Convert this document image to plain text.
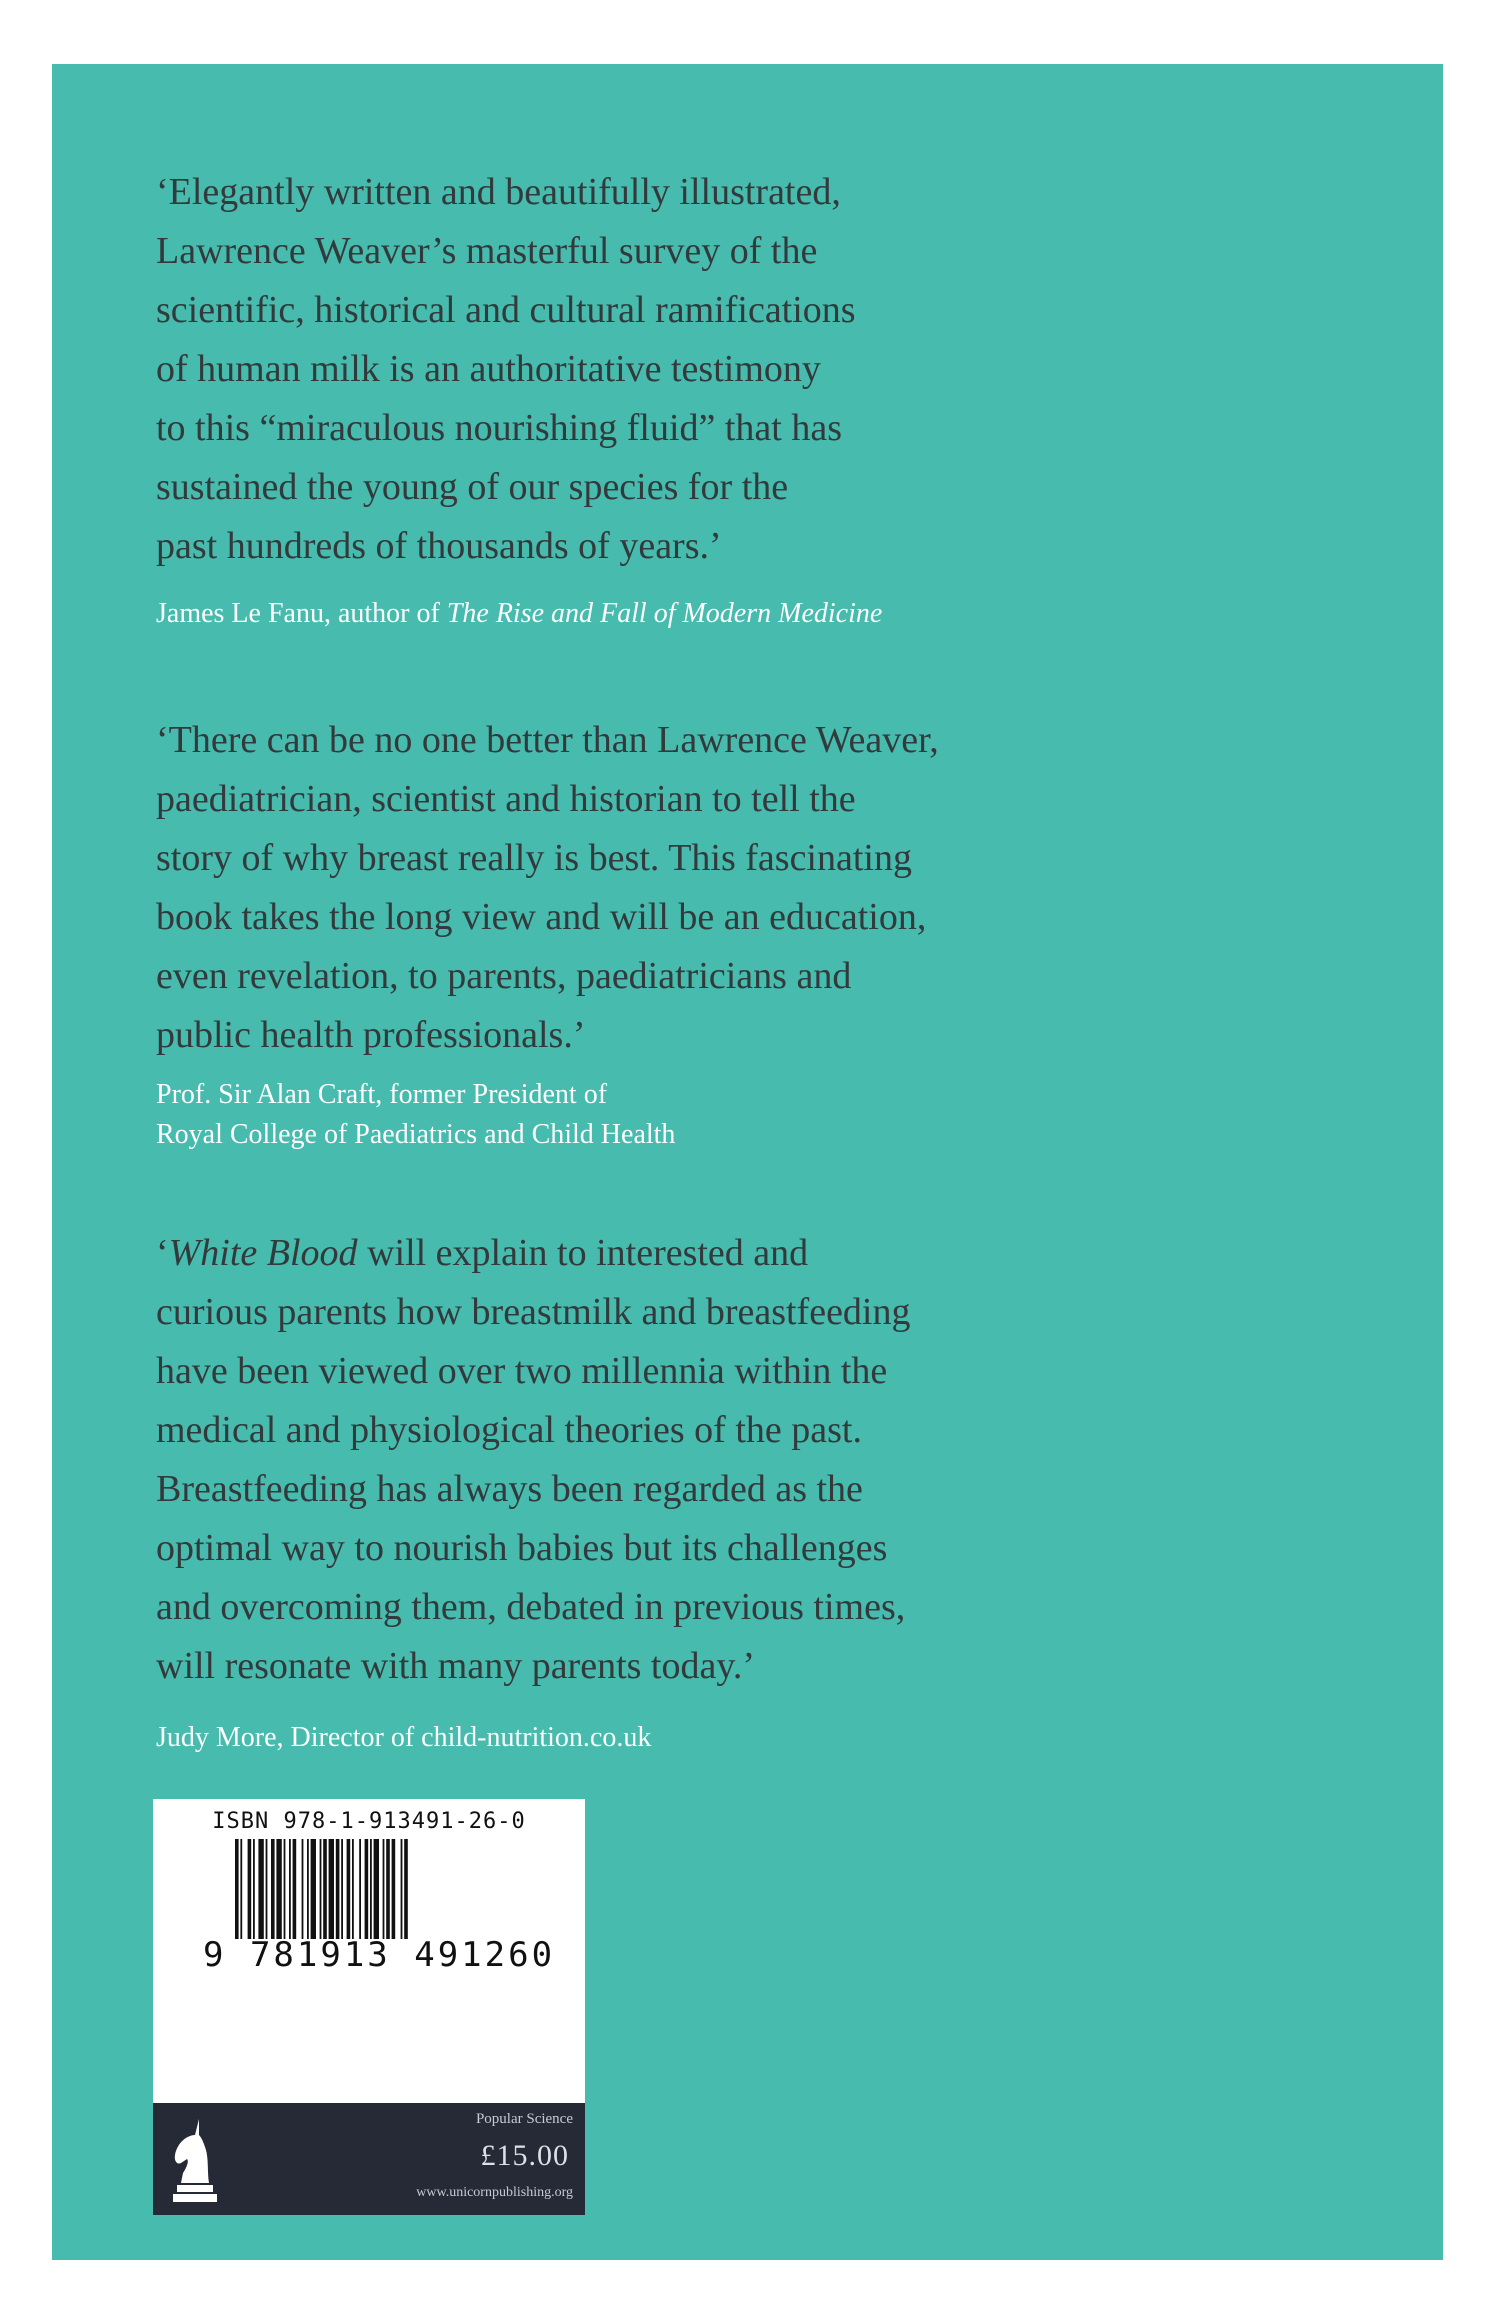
‘Elegantly written and beautifully illustrated,
Lawrence Weaver’s masterful survey of the
scientific, historical and cultural ramifications
of human milk is an authoritative testimony
to this “miraculous nourishing fluid” that has
sustained the young of our species for the
past hundreds of thousands of years.’

James Le Fanu, author of The Rise and Fall of Modern Medicine

‘There can be no one better than Lawrence Weaver,
paediatrician, scientist and historian to tell the
story of why breast really is best. This fascinating
book takes the long view and will be an education,
even revelation, to parents, paediatricians and
public health professionals.’

Prof. Sir Alan Craft, former President of
Royal College of Paediatrics and Child Health

‘White Blood will explain to interested and
curious parents how breastmilk and breastfeeding
have been viewed over two millennia within the
medical and physiological theories of the past.
Breastfeeding has always been regarded as the
optimal way to nourish babies but its challenges
and overcoming them, debated in previous times,
will resonate with many parents today.’

Judy More, Director of child-nutrition.co.uk

ISBN 978-1-913491-26-0
9 781913 491260
Popular Science
£15.00
www.unicornpublishing.org
